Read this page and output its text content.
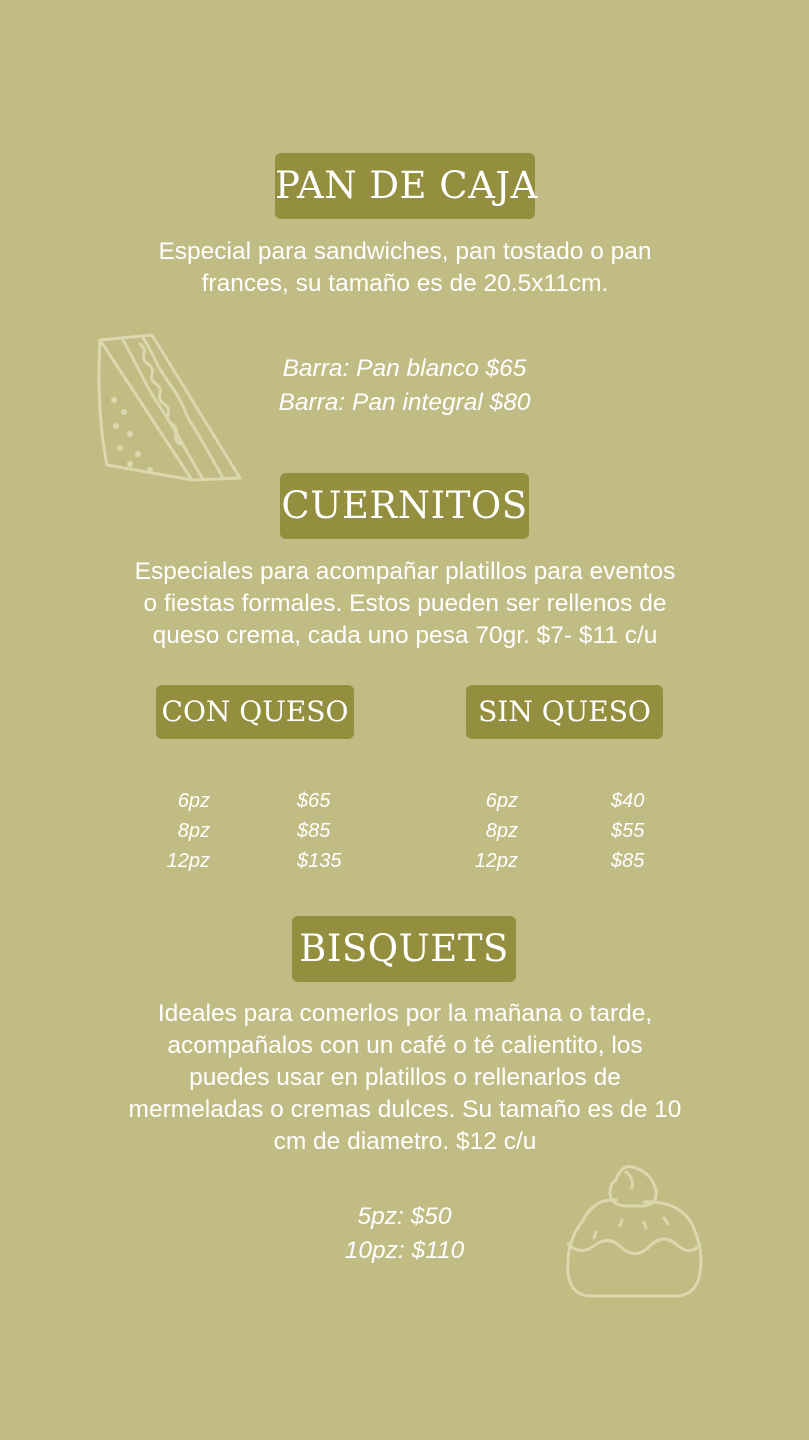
PAN DE CAJA
Especial para sandwiches, pan tostado o pan
frances, su tamaño es de 20.5x11cm.
Barra: Pan blanco $65
Barra: Pan integral $80
CUERNITOS
Especiales para acompañar platillos para eventos
o fiestas formales. Estos pueden ser rellenos de
queso crema, cada uno pesa 70gr. $7- $11 c/u
CON QUESO	SIN QUESO
6pz	$65
8pz	$85
12pz	$135
6pz	$40
8pz	$55
12pz	$85
BISQUETS
Ideales para comerlos por la mañana o tarde,
acompañalos con un café o té calientito, los
puedes usar en platillos o rellenarlos de
mermeladas o cremas dulces. Su tamaño es de 10
cm de diametro. $12 c/u
5pz: $50
10pz: $110
